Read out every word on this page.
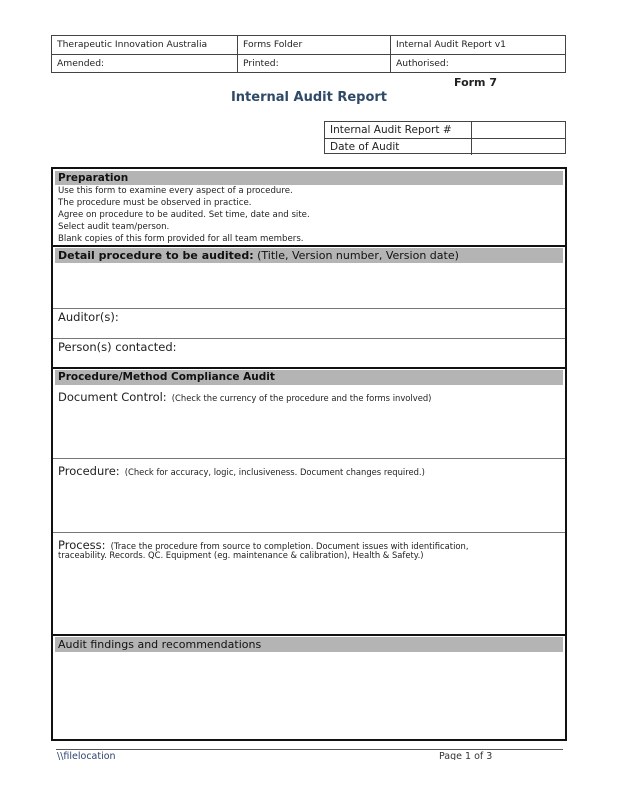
Therapeutic Innovation Australia	Forms Folder	Internal Audit Report v1
Amended:	Printed:	Authorised:
Form 7
Internal Audit Report
Internal Audit Report #
Date of Audit
Preparation
Use this form to examine every aspect of a procedure.
The procedure must be observed in practice.
Agree on procedure to be audited. Set time, date and site.
Select audit team/person.
Blank copies of this form provided for all team members.
Detail procedure to be audited: (Title, Version number, Version date)
Auditor(s):
Person(s) contacted:
Procedure/Method Compliance Audit
Document Control: (Check the currency of the procedure and the forms involved)
Procedure: (Check for accuracy, logic, inclusiveness. Document changes required.)
Process: (Trace the procedure from source to completion. Document issues with identification,
traceability. Records. QC. Equipment (eg. maintenance & calibration), Health & Safety.)
Audit findings and recommendations
\\filelocation	Page 1 of 3
